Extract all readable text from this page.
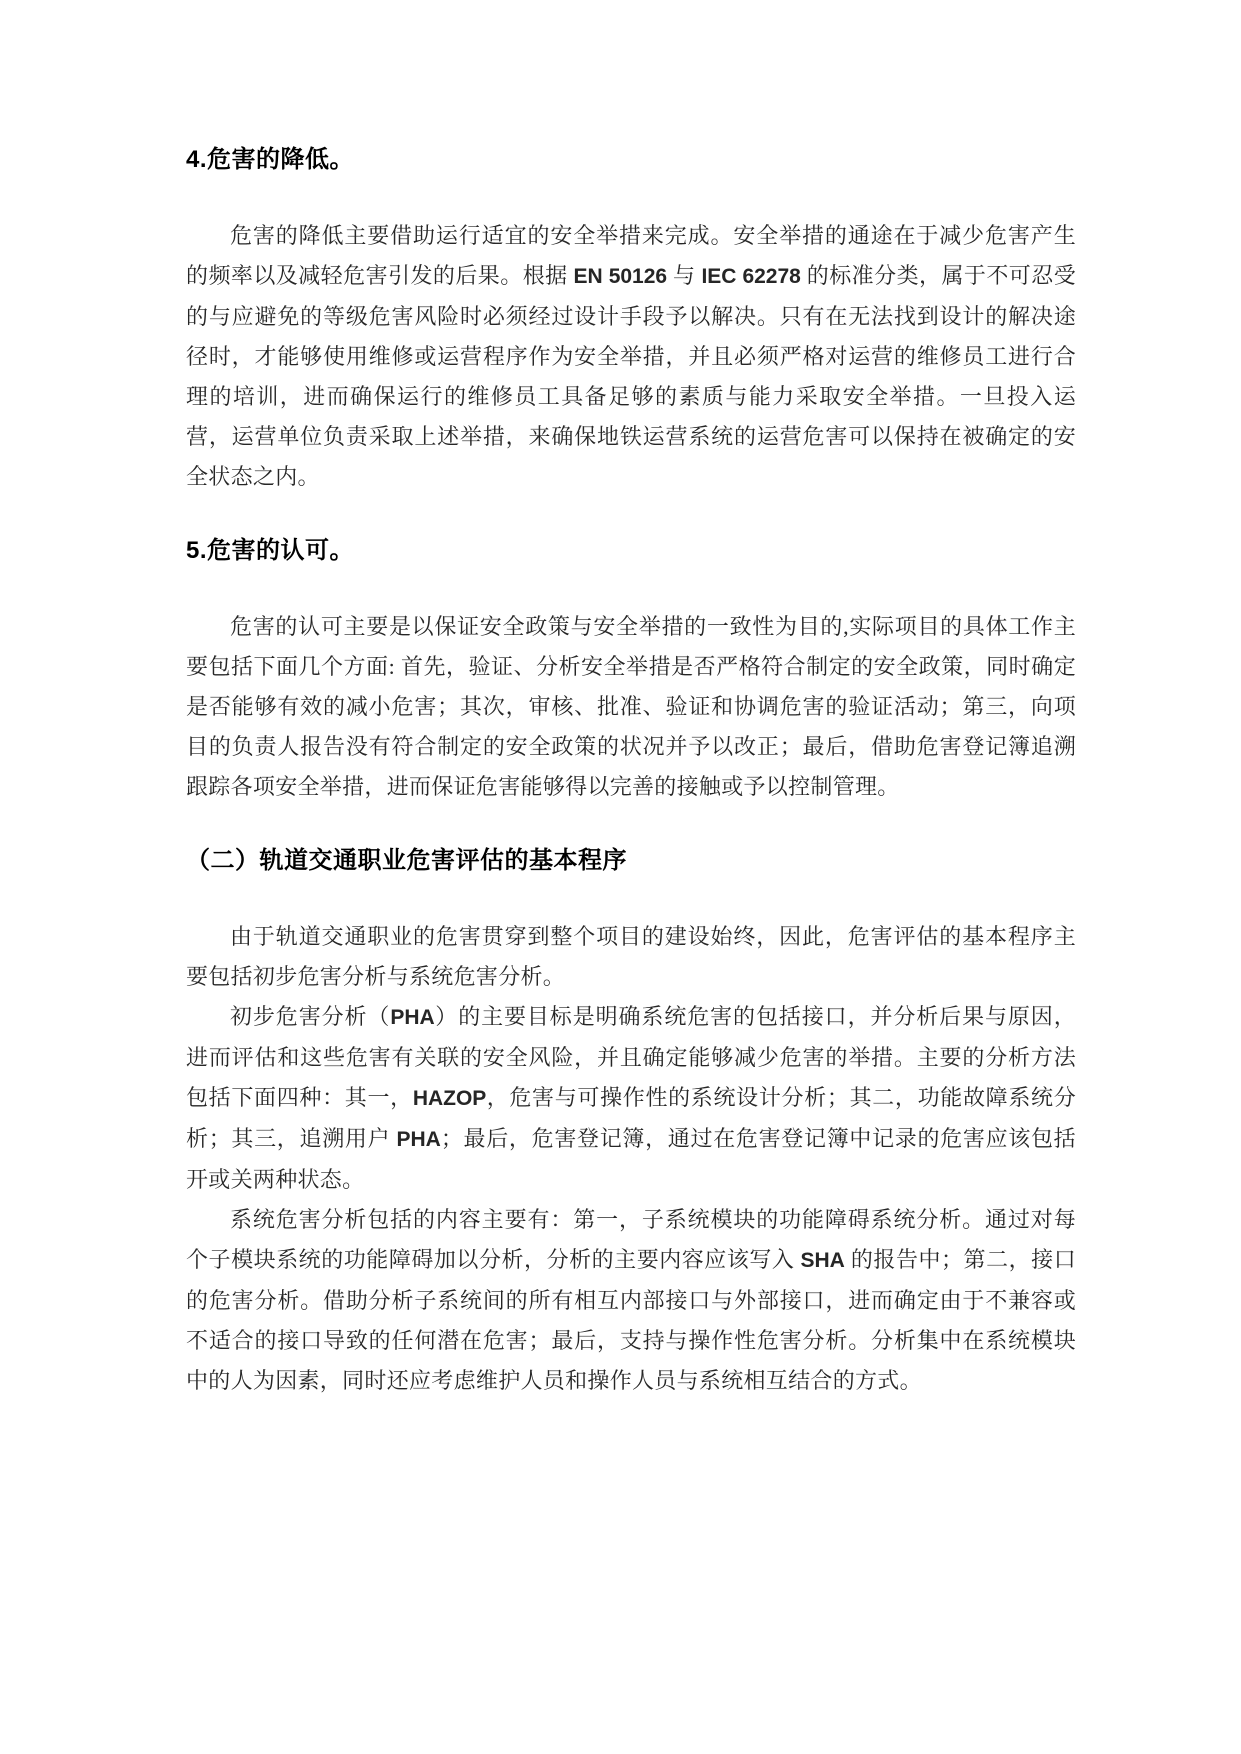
4.危害的降低。

危害的降低主要借助运行适宜的安全举措来完成。安全举措的通途在于减少危害产生的频率以及减轻危害引发的后果。根据 EN 50126 与 IEC 62278 的标准分类，属于不可忍受的与应避免的等级危害风险时必须经过设计手段予以解决。只有在无法找到设计的解决途径时，才能够使用维修或运营程序作为安全举措，并且必须严格对运营的维修员工进行合理的培训，进而确保运行的维修员工具备足够的素质与能力采取安全举措。一旦投入运营，运营单位负责采取上述举措，来确保地铁运营系统的运营危害可以保持在被确定的安全状态之内。

5.危害的认可。

危害的认可主要是以保证安全政策与安全举措的一致性为目的,实际项目的具体工作主要包括下面几个方面: 首先，验证、分析安全举措是否严格符合制定的安全政策，同时确定是否能够有效的减小危害；其次，审核、批准、验证和协调危害的验证活动；第三，向项目的负责人报告没有符合制定的安全政策的状况并予以改正；最后，借助危害登记簿追溯跟踪各项安全举措，进而保证危害能够得以完善的接触或予以控制管理。

（二）轨道交通职业危害评估的基本程序

由于轨道交通职业的危害贯穿到整个项目的建设始终，因此，危害评估的基本程序主要包括初步危害分析与系统危害分析。

初步危害分析（PHA）的主要目标是明确系统危害的包括接口，并分析后果与原因，进而评估和这些危害有关联的安全风险，并且确定能够减少危害的举措。主要的分析方法包括下面四种：其一，HAZOP，危害与可操作性的系统设计分析；其二，功能故障系统分析；其三，追溯用户 PHA；最后，危害登记簿，通过在危害登记簿中记录的危害应该包括开或关两种状态。

系统危害分析包括的内容主要有：第一，子系统模块的功能障碍系统分析。通过对每个子模块系统的功能障碍加以分析，分析的主要内容应该写入 SHA 的报告中；第二，接口的危害分析。借助分析子系统间的所有相互内部接口与外部接口，进而确定由于不兼容或不适合的接口导致的任何潜在危害；最后，支持与操作性危害分析。分析集中在系统模块中的人为因素，同时还应考虑维护人员和操作人员与系统相互结合的方式。
